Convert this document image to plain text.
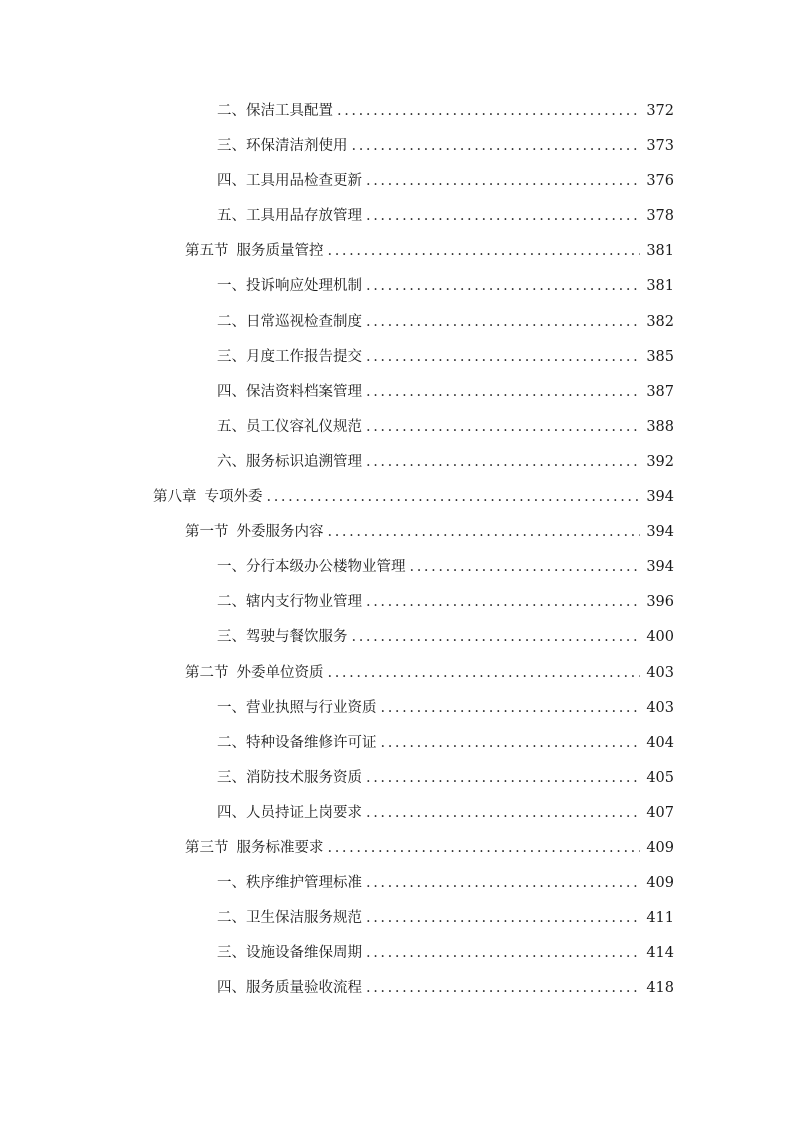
二、 保洁工具配置 . . .	372
三、 环保清洁剂使用 . . .	373
四、 工具用品检查更新 . . .	376
五、 工具用品存放管理 . . .	378
第五节 服务质量管控 . . .	381
一、 投诉响应处理机制 . . .	381
二、 日常巡视检查制度 . . .	382
三、 月度工作报告提交 . . .	385
四、 保洁资料档案管理 . . .	387
五、 员工仪容礼仪规范 . . .	388
六、 服务标识追溯管理 . . .	392
第八章 专项外委 . . .	394
第一节 外委服务内容 . . .	394
一、 分行本级办公楼物业管理 . . .	394
二、 辖内支行物业管理 . . .	396
三、 驾驶与餐饮服务 . . .	400
第二节 外委单位资质 . . .	403
一、 营业执照与行业资质 . . .	403
二、 特种设备维修许可证 . . .	404
三、 消防技术服务资质 . . .	405
四、 人员持证上岗要求 . . .	407
第三节 服务标准要求 . . .	409
一、 秩序维护管理标准 . . .	409
二、 卫生保洁服务规范 . . .	411
三、 设施设备维保周期 . . .	414
四、 服务质量验收流程 . . .	418
